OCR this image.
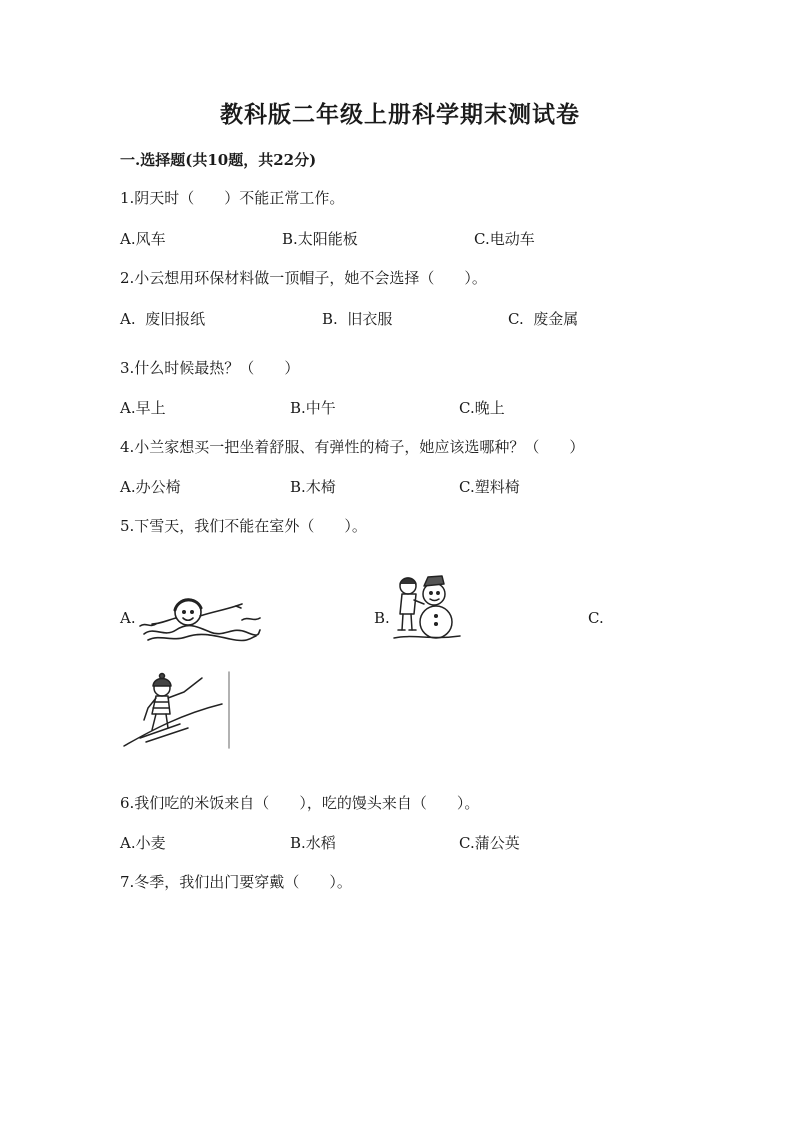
教科版二年级上册科学期末测试卷
一.选择题(共10题，共22分)
1.阴天时（　　）不能正常工作。
A.风车	B.太阳能板	C.电动车
2.小云想用环保材料做一顶帽子，她不会选择（　　）。
A.  废旧报纸	B.  旧衣服	C.  废金属
3.什么时候最热？（　　）
A.早上	B.中午	C.晚上
4.小兰家想买一把坐着舒服、有弹性的椅子，她应该选哪种？（　　）
A.办公椅	B.木椅	C.塑料椅
5.下雪天，我们不能在室外（　　）。
A.	B.	C.
6.我们吃的米饭来自（　　），吃的馒头来自（　　）。
A.小麦	B.水稻	C.蒲公英
7.冬季，我们出门要穿戴（　　）。
